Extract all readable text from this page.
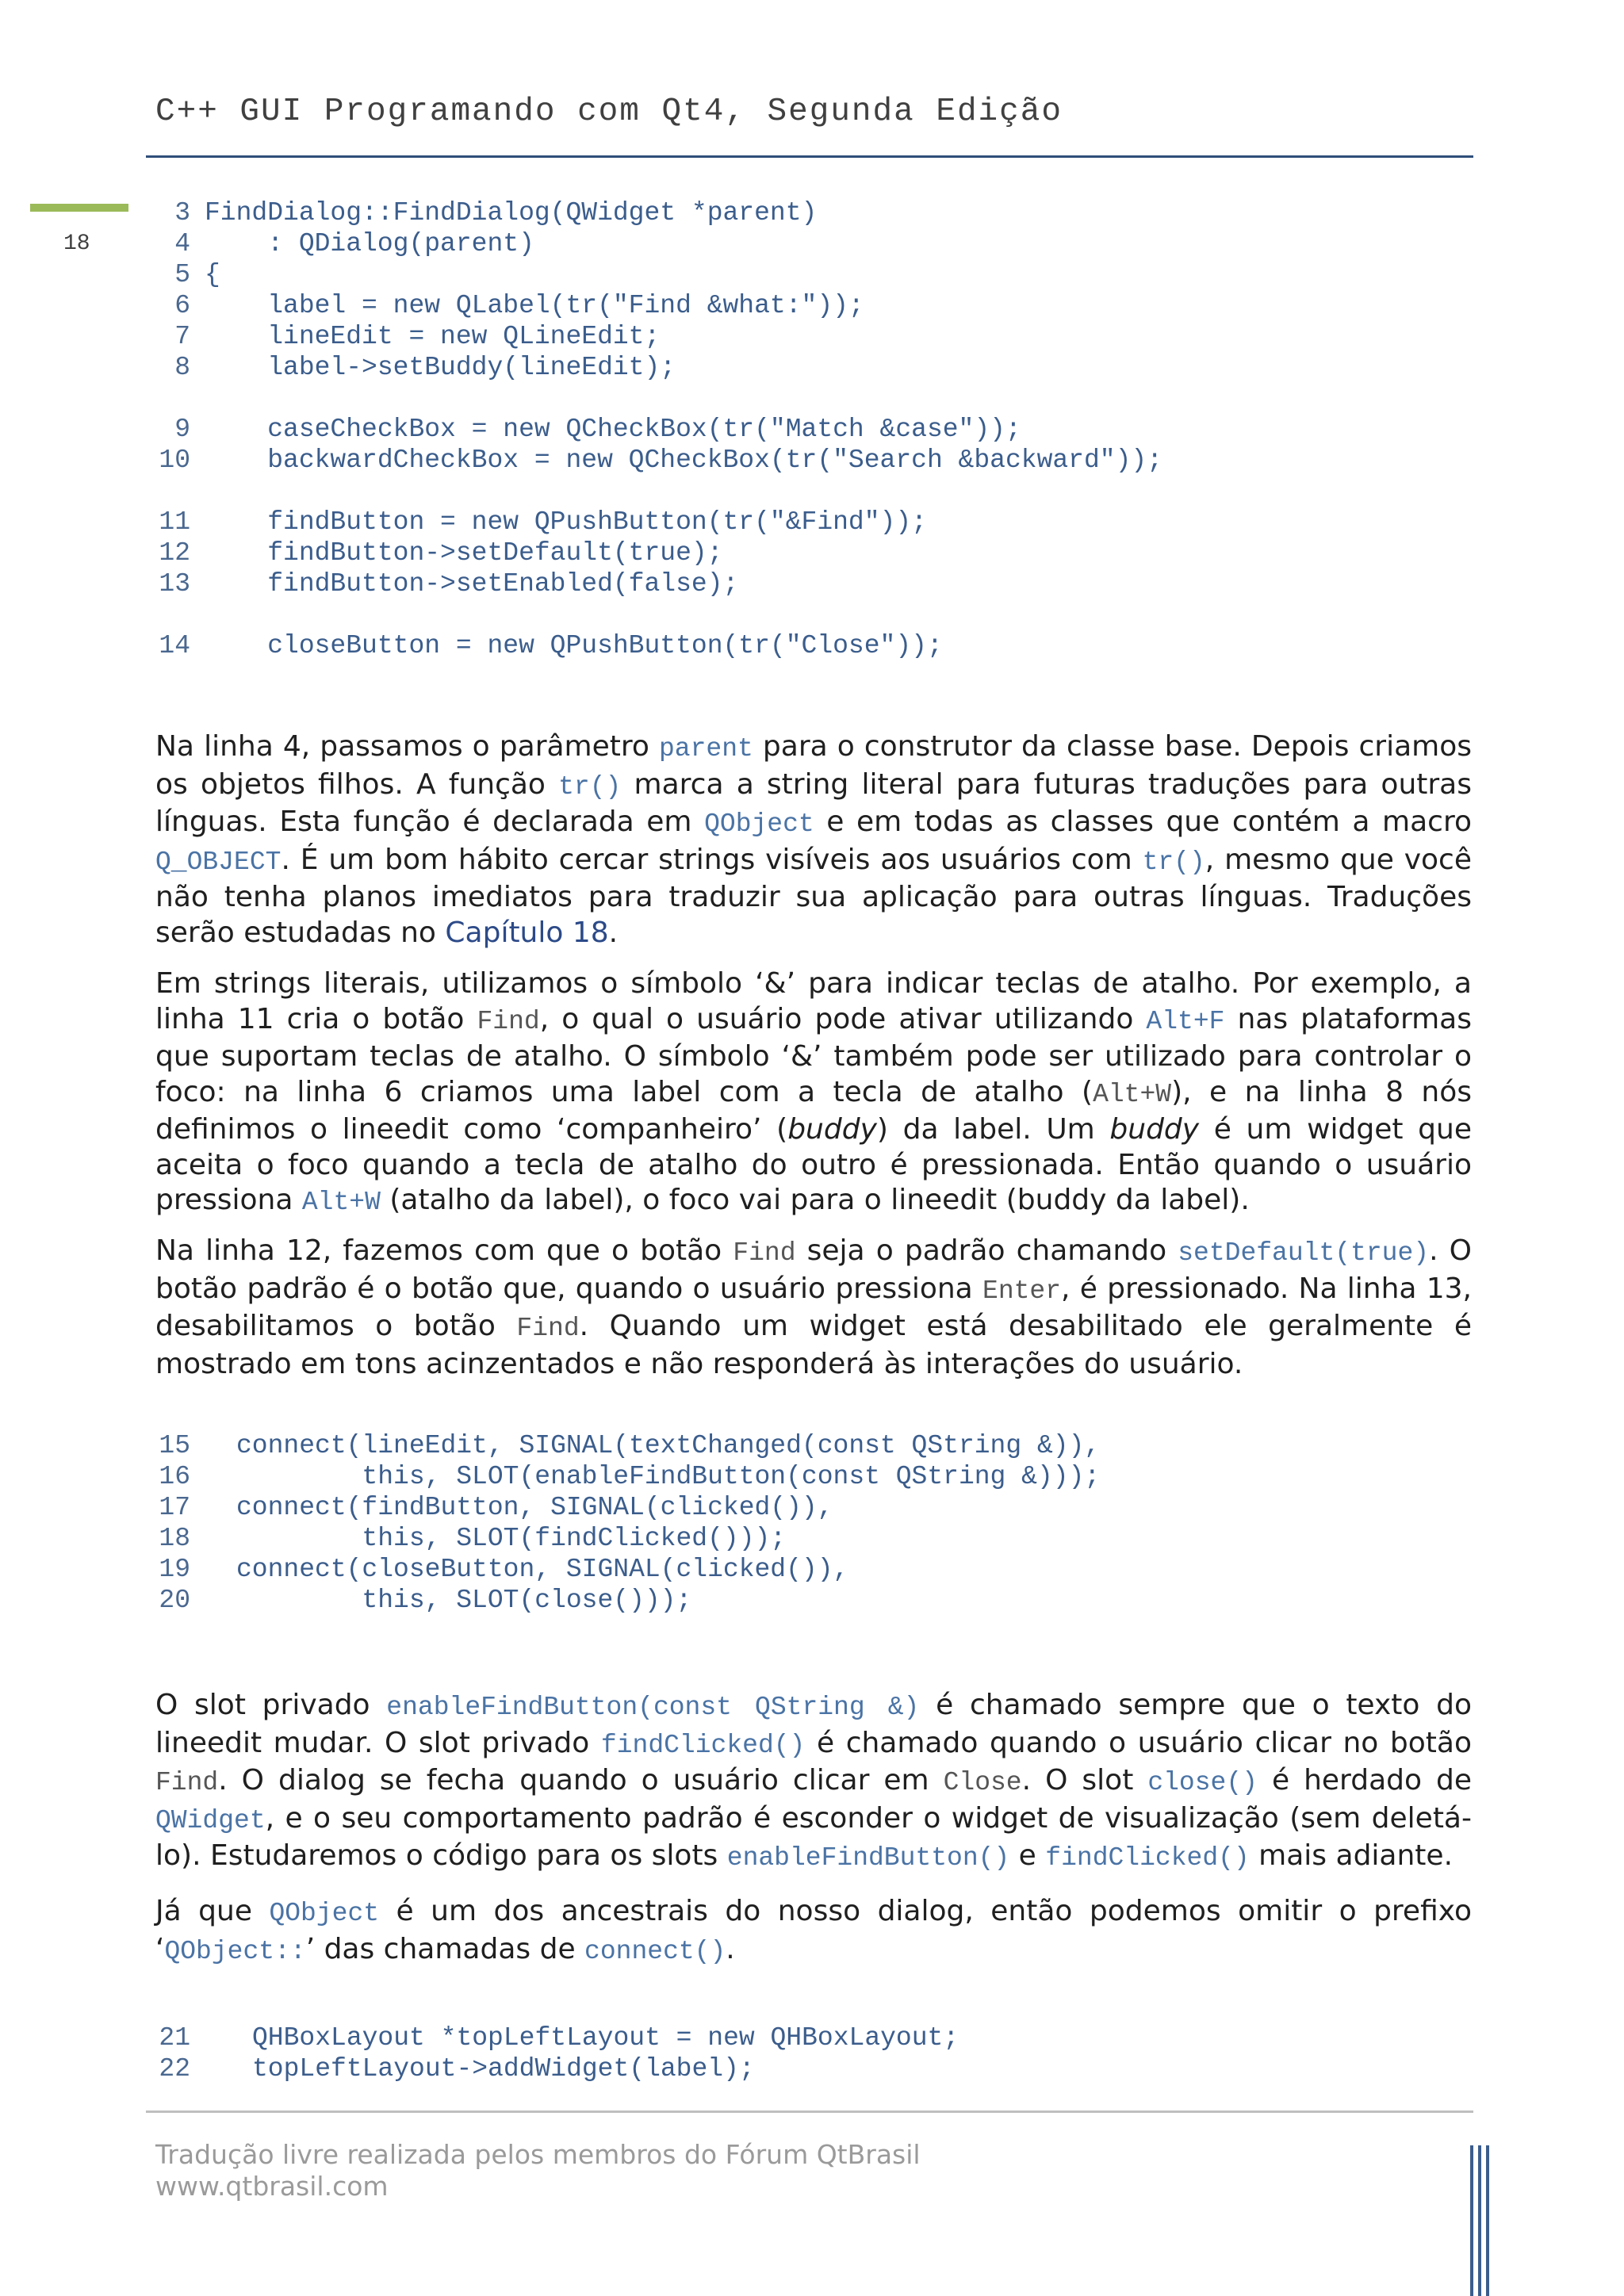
C++ GUI Programando com Qt4, Segunda Edição
18
3 FindDialog::FindDialog(QWidget *parent)
4 : QDialog(parent)
5 {
6 label = new QLabel(tr("Find &what:"));
7 lineEdit = new QLineEdit;
8 label->setBuddy(lineEdit);
9 caseCheckBox = new QCheckBox(tr("Match &case"));
10 backwardCheckBox = new QCheckBox(tr("Search &backward"));
11 findButton = new QPushButton(tr("&Find"));
12 findButton->setDefault(true);
13 findButton->setEnabled(false);
14 closeButton = new QPushButton(tr("Close"));

Na linha 4, passamos o parâmetro parent para o construtor da classe base. Depois criamos os objetos filhos. A função tr() marca a string literal para futuras traduções para outras línguas. Esta função é declarada em QObject e em todas as classes que contém a macro Q_OBJECT. É um bom hábito cercar strings visíveis aos usuários com tr(), mesmo que você não tenha planos imediatos para traduzir sua aplicação para outras línguas. Traduções serão estudadas no Capítulo 18.

Em strings literais, utilizamos o símbolo ‘&’ para indicar teclas de atalho. Por exemplo, a linha 11 cria o botão Find, o qual o usuário pode ativar utilizando Alt+F nas plataformas que suportam teclas de atalho. O símbolo ‘&’ também pode ser utilizado para controlar o foco: na linha 6 criamos uma label com a tecla de atalho (Alt+W), e na linha 8 nós definimos o lineedit como ‘companheiro’ (buddy) da label. Um buddy é um widget que aceita o foco quando a tecla de atalho do outro é pressionada. Então quando o usuário pressiona Alt+W (atalho da label), o foco vai para o lineedit (buddy da label).

Na linha 12, fazemos com que o botão Find seja o padrão chamando setDefault(true). O botão padrão é o botão que, quando o usuário pressiona Enter, é pressionado. Na linha 13, desabilitamos o botão Find. Quando um widget está desabilitado ele geralmente é mostrado em tons acinzentados e não responderá às interações do usuário.

15 connect(lineEdit, SIGNAL(textChanged(const QString &)),
16 this, SLOT(enableFindButton(const QString &)));
17 connect(findButton, SIGNAL(clicked()),
18 this, SLOT(findClicked()));
19 connect(closeButton, SIGNAL(clicked()),
20 this, SLOT(close()));

O slot privado enableFindButton(const QString &) é chamado sempre que o texto do lineedit mudar. O slot privado findClicked() é chamado quando o usuário clicar no botão Find. O dialog se fecha quando o usuário clicar em Close. O slot close() é herdado de QWidget, e o seu comportamento padrão é esconder o widget de visualização (sem deletá-lo). Estudaremos o código para os slots enableFindButton() e findClicked() mais adiante.

Já que QObject é um dos ancestrais do nosso dialog, então podemos omitir o prefixo ‘QObject::’ das chamadas de connect().

21 QHBoxLayout *topLeftLayout = new QHBoxLayout;
22 topLeftLayout->addWidget(label);
Tradução livre realizada pelos membros do Fórum QtBrasil
www.qtbrasil.com
